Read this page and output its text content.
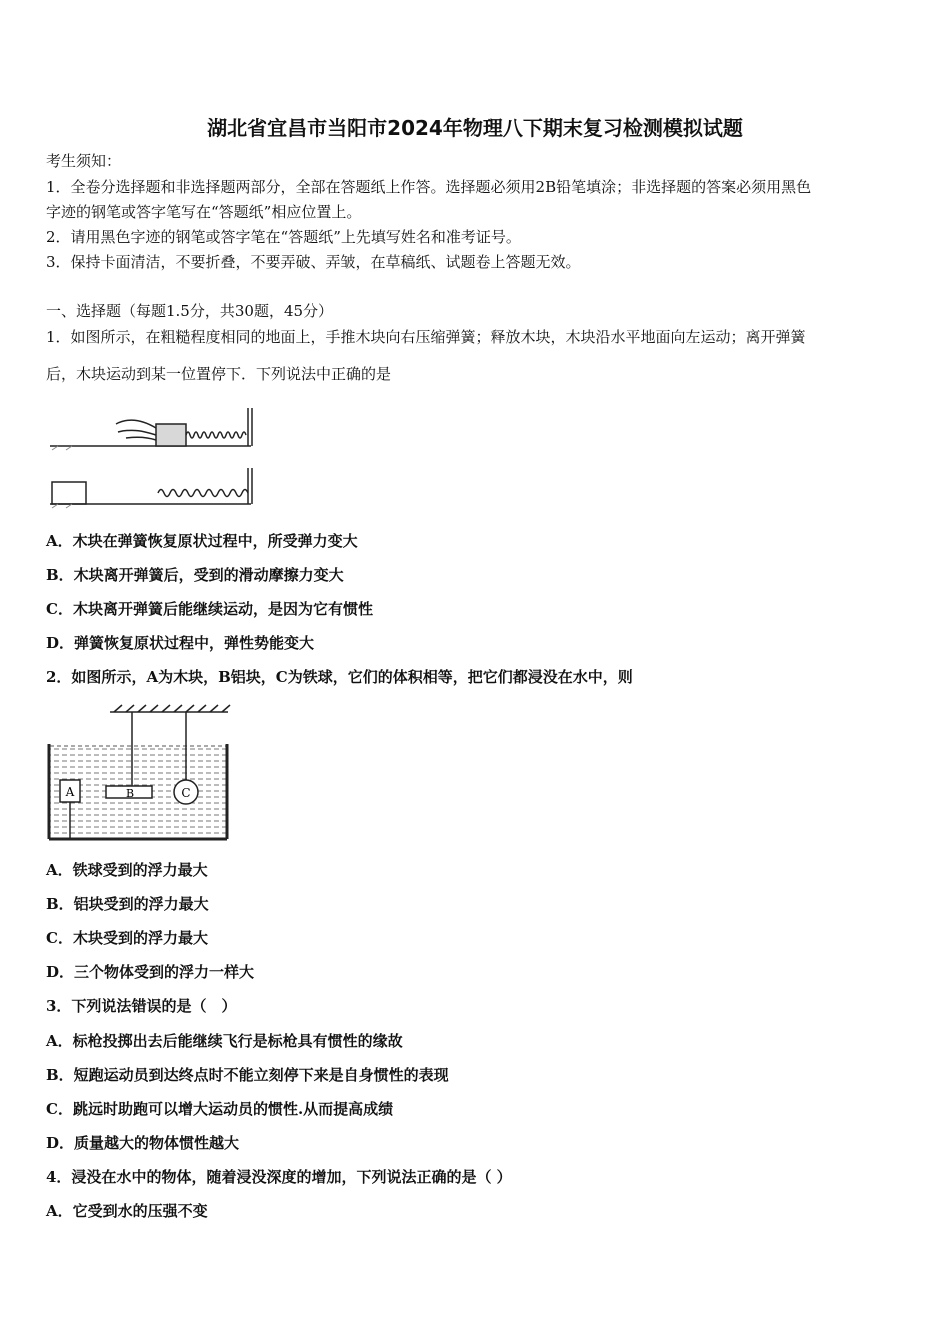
湖北省宜昌市当阳市2024年物理八下期末复习检测模拟试题
考生须知：
1．全卷分选择题和非选择题两部分，全部在答题纸上作答。选择题必须用2B铅笔填涂；非选择题的答案必须用黑色
字迹的钢笔或答字笔写在“答题纸”相应位置上。
2．请用黑色字迹的钢笔或答字笔在“答题纸”上先填写姓名和准考证号。
3．保持卡面清洁，不要折叠，不要弄破、弄皱，在草稿纸、试题卷上答题无效。
一、选择题（每题1.5分，共30题，45分）
1．如图所示，在粗糙程度相同的地面上，手推木块向右压缩弹簧；释放木块，木块沿水平地面向左运动；离开弹簧
后，木块运动到某一位置停下．下列说法中正确的是
A．木块在弹簧恢复原状过程中，所受弹力变大
B．木块离开弹簧后，受到的滑动摩擦力变大
C．木块离开弹簧后能继续运动，是因为它有惯性
D．弹簧恢复原状过程中，弹性势能变大
2．如图所示，A为木块，B铝块，C为铁球，它们的体积相等，把它们都浸没在水中，则
A	B	C
A．铁球受到的浮力最大
B．铝块受到的浮力最大
C．木块受到的浮力最大
D．三个物体受到的浮力一样大
3．下列说法错误的是（　）
A．标枪投掷出去后能继续飞行是标枪具有惯性的缘故
B．短跑运动员到达终点时不能立刻停下来是自身惯性的表现
C．跳远时助跑可以增大运动员的惯性.从而提高成绩
D．质量越大的物体惯性越大
4．浸没在水中的物体，随着浸没深度的增加，下列说法正确的是（ ）
A．它受到水的压强不变
